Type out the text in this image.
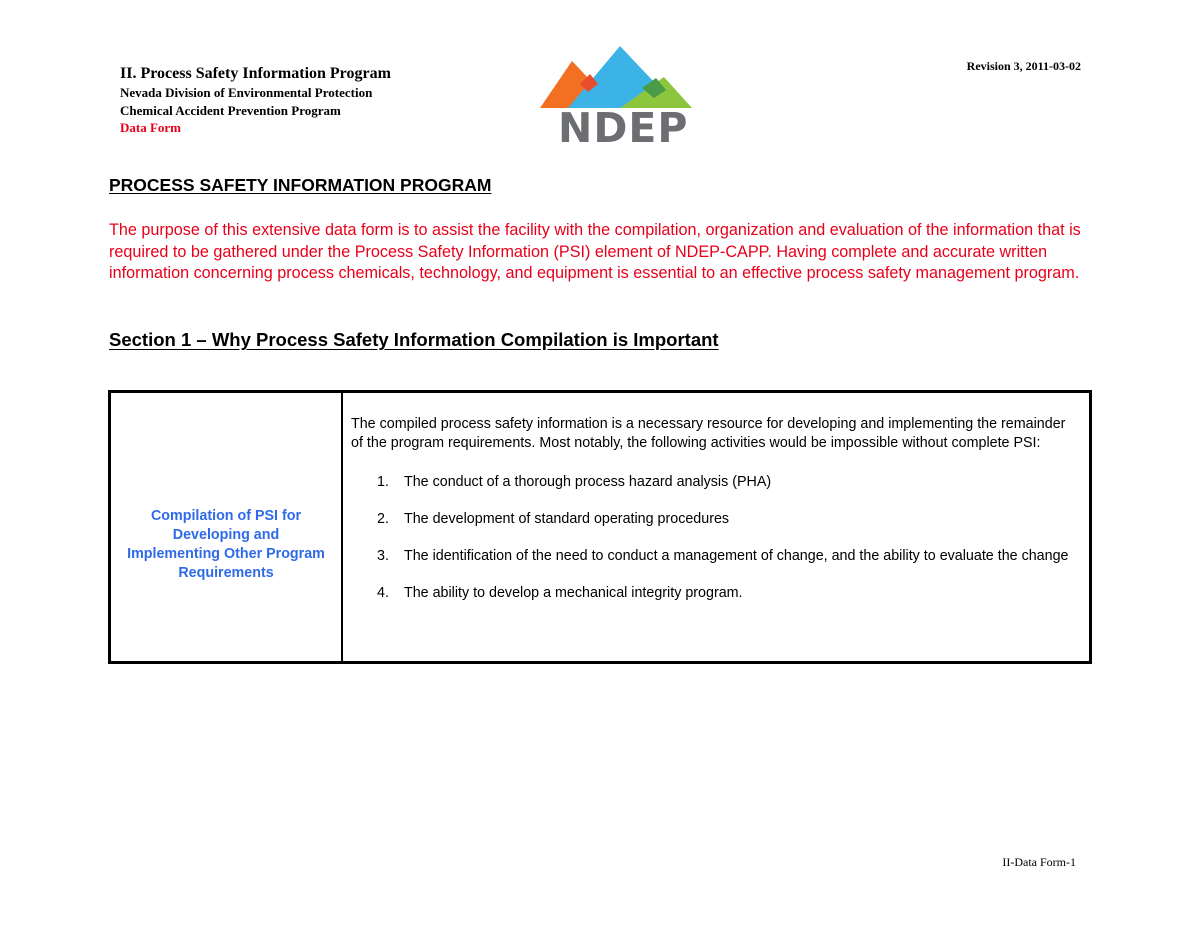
II. Process Safety Information Program
Nevada Division of Environmental Protection
Chemical Accident Prevention Program
Data Form
Revision 3, 2011-03-02
NDEP
PROCESS SAFETY INFORMATION PROGRAM
The purpose of this extensive data form is to assist the facility with the compilation, organization and evaluation of the information that is required to be gathered under the Process Safety Information (PSI) element of NDEP-CAPP. Having complete and accurate written information concerning process chemicals, technology, and equipment is essential to an effective process safety management program.
Section 1 – Why Process Safety Information Compilation is Important
Compilation of PSI for Developing and Implementing Other Program Requirements

The compiled process safety information is a necessary resource for developing and implementing the remainder of the program requirements. Most notably, the following activities would be impossible without complete PSI:

1.	The conduct of a thorough process hazard analysis (PHA)
2.	The development of standard operating procedures
3.	The identification of the need to conduct a management of change, and the ability to evaluate the change
4.	The ability to develop a mechanical integrity program.
II-Data Form-1
